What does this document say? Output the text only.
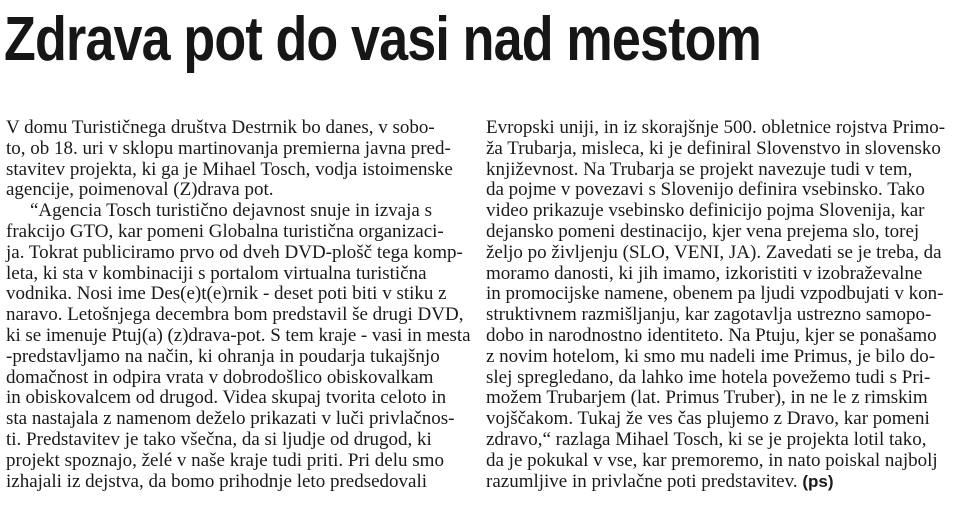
Zdrava pot do vasi nad mestom
V domu Turističnega društva Destrnik bo danes, v sobo-
to, ob 18. uri v sklopu martinovanja premierna javna pred-
stavitev projekta, ki ga je Mihael Tosch, vodja istoimenske
agencije, poimenoval (Z)drava pot.
“Agencia Tosch turistično dejavnost snuje in izvaja s
frakcijo GTO, kar pomeni Globalna turistična organizaci-
ja. Tokrat publiciramo prvo od dveh DVD-plošč tega komp-
leta, ki sta v kombinaciji s portalom virtualna turistična
vodnika. Nosi ime Des(e)t(e)rnik - deset poti biti v stiku z
naravo. Letošnjega decembra bom predstavil še drugi DVD,
ki se imenuje Ptuj(a) (z)drava-pot. S tem kraje - vasi in mesta
-predstavljamo na način, ki ohranja in poudarja tukajšnjo
domačnost in odpira vrata v dobrodošlico obiskovalkam
in obiskovalcem od drugod. Videa skupaj tvorita celoto in
sta nastajala z namenom deželo prikazati v luči privlačnos-
ti. Predstavitev je tako všečna, da si ljudje od drugod, ki
projekt spoznajo, želé v naše kraje tudi priti. Pri delu smo
izhajali iz dejstva, da bomo prihodnje leto predsedovali
Evropski uniji, in iz skorajšnje 500. obletnice rojstva Primo-
ža Trubarja, misleca, ki je definiral Slovenstvo in slovensko
književnost. Na Trubarja se projekt navezuje tudi v tem,
da pojme v povezavi s Slovenijo definira vsebinsko. Tako
video prikazuje vsebinsko definicijo pojma Slovenija, kar
dejansko pomeni destinacijo, kjer vena prejema slo, torej
željo po življenju (SLO, VENI, JA). Zavedati se je treba, da
moramo danosti, ki jih imamo, izkoristiti v izobraževalne
in promocijske namene, obenem pa ljudi vzpodbujati v kon-
struktivnem razmišljanju, kar zagotavlja ustrezno samopo-
dobo in narodnostno identiteto. Na Ptuju, kjer se ponašamo
z novim hotelom, ki smo mu nadeli ime Primus, je bilo do-
slej spregledano, da lahko ime hotela povežemo tudi s Pri-
možem Trubarjem (lat. Primus Truber), in ne le z rimskim
vojščakom. Tukaj že ves čas plujemo z Dravo, kar pomeni
zdravo,“ razlaga Mihael Tosch, ki se je projekta lotil tako,
da je pokukal v vse, kar premoremo, in nato poiskal najbolj
razumljive in privlačne poti predstavitev. (ps)
